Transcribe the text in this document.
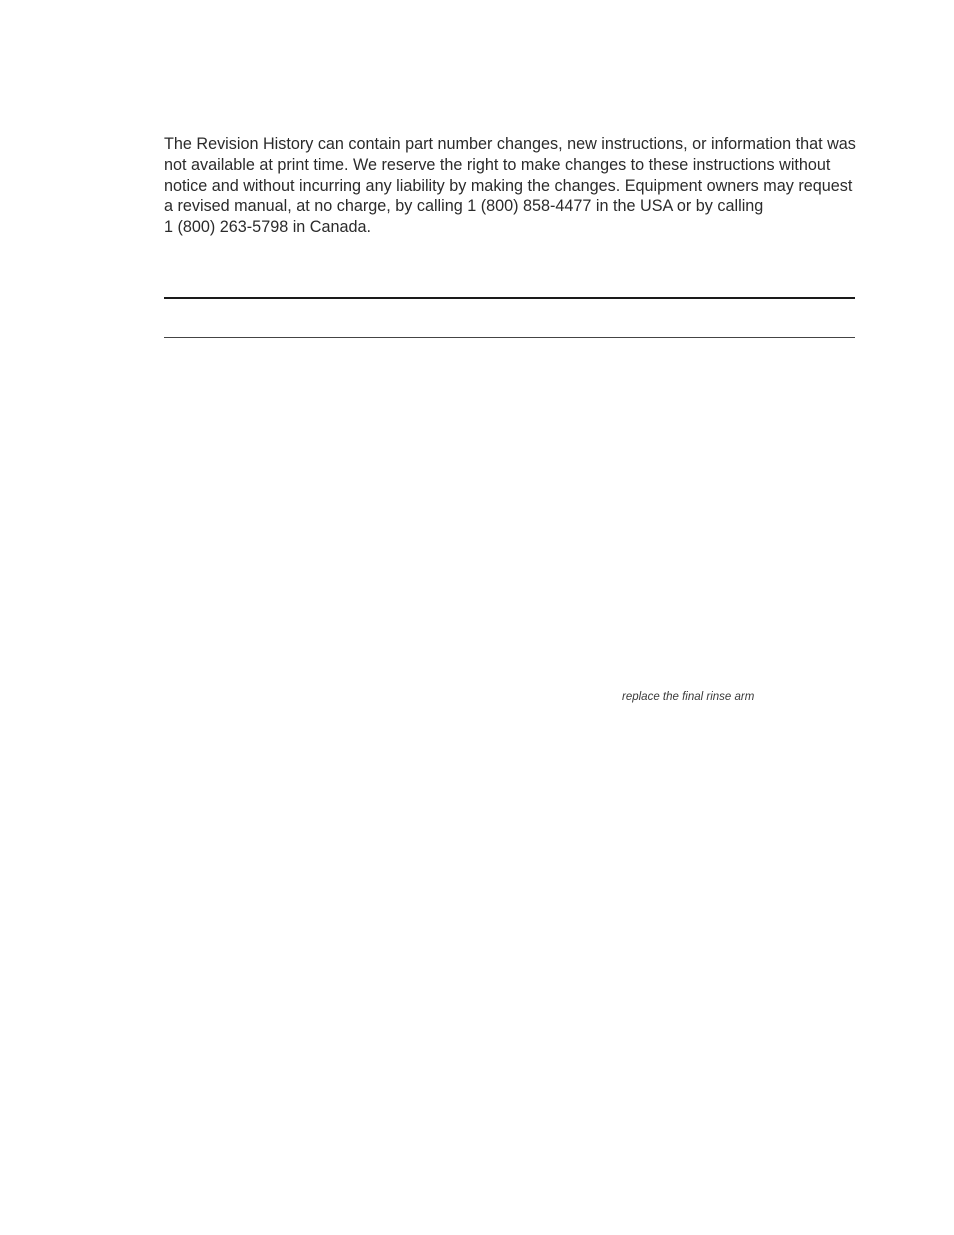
The Revision History can contain part number changes, new instructions, or information that was
not available at print time. We reserve the right to make changes to these instructions without
notice and without incurring any liability by making the changes. Equipment owners may request
a revised manual, at no charge, by calling 1 (800) 858-4477 in the USA or by calling
1 (800) 263-5798 in Canada.

replace the final rinse arm
